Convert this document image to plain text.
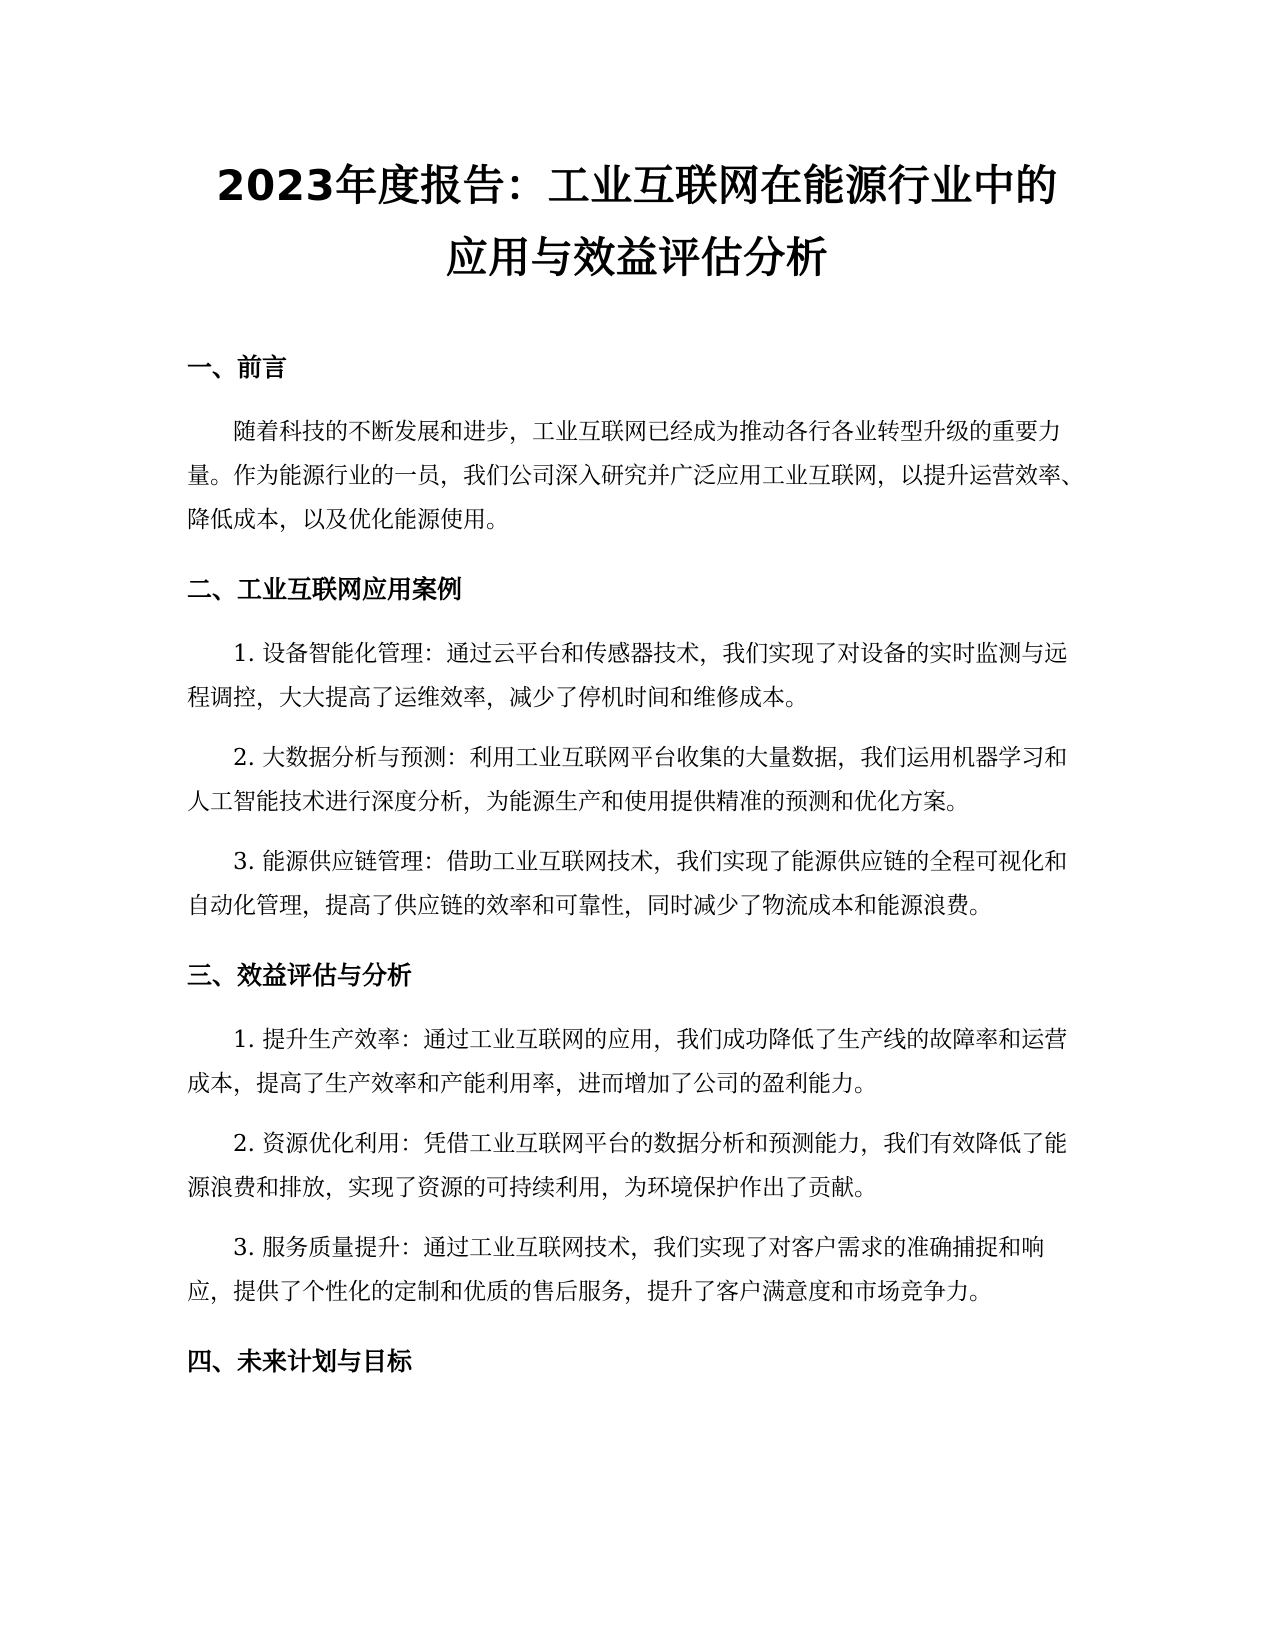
2023年度报告：工业互联网在能源行业中的
应用与效益评估分析
一、前言

随着科技的不断发展和进步，工业互联网已经成为推动各行各业转型升级的重要力量。作为能源行业的一员，我们公司深入研究并广泛应用工业互联网，以提升运营效率、降低成本，以及优化能源使用。

二、工业互联网应用案例

1. 设备智能化管理：通过云平台和传感器技术，我们实现了对设备的实时监测与远程调控，大大提高了运维效率，减少了停机时间和维修成本。

2. 大数据分析与预测：利用工业互联网平台收集的大量数据，我们运用机器学习和人工智能技术进行深度分析，为能源生产和使用提供精准的预测和优化方案。

3. 能源供应链管理：借助工业互联网技术，我们实现了能源供应链的全程可视化和自动化管理，提高了供应链的效率和可靠性，同时减少了物流成本和能源浪费。

三、效益评估与分析

1. 提升生产效率：通过工业互联网的应用，我们成功降低了生产线的故障率和运营成本，提高了生产效率和产能利用率，进而增加了公司的盈利能力。

2. 资源优化利用：凭借工业互联网平台的数据分析和预测能力，我们有效降低了能源浪费和排放，实现了资源的可持续利用，为环境保护作出了贡献。

3. 服务质量提升：通过工业互联网技术，我们实现了对客户需求的准确捕捉和响应，提供了个性化的定制和优质的售后服务，提升了客户满意度和市场竞争力。

四、未来计划与目标
